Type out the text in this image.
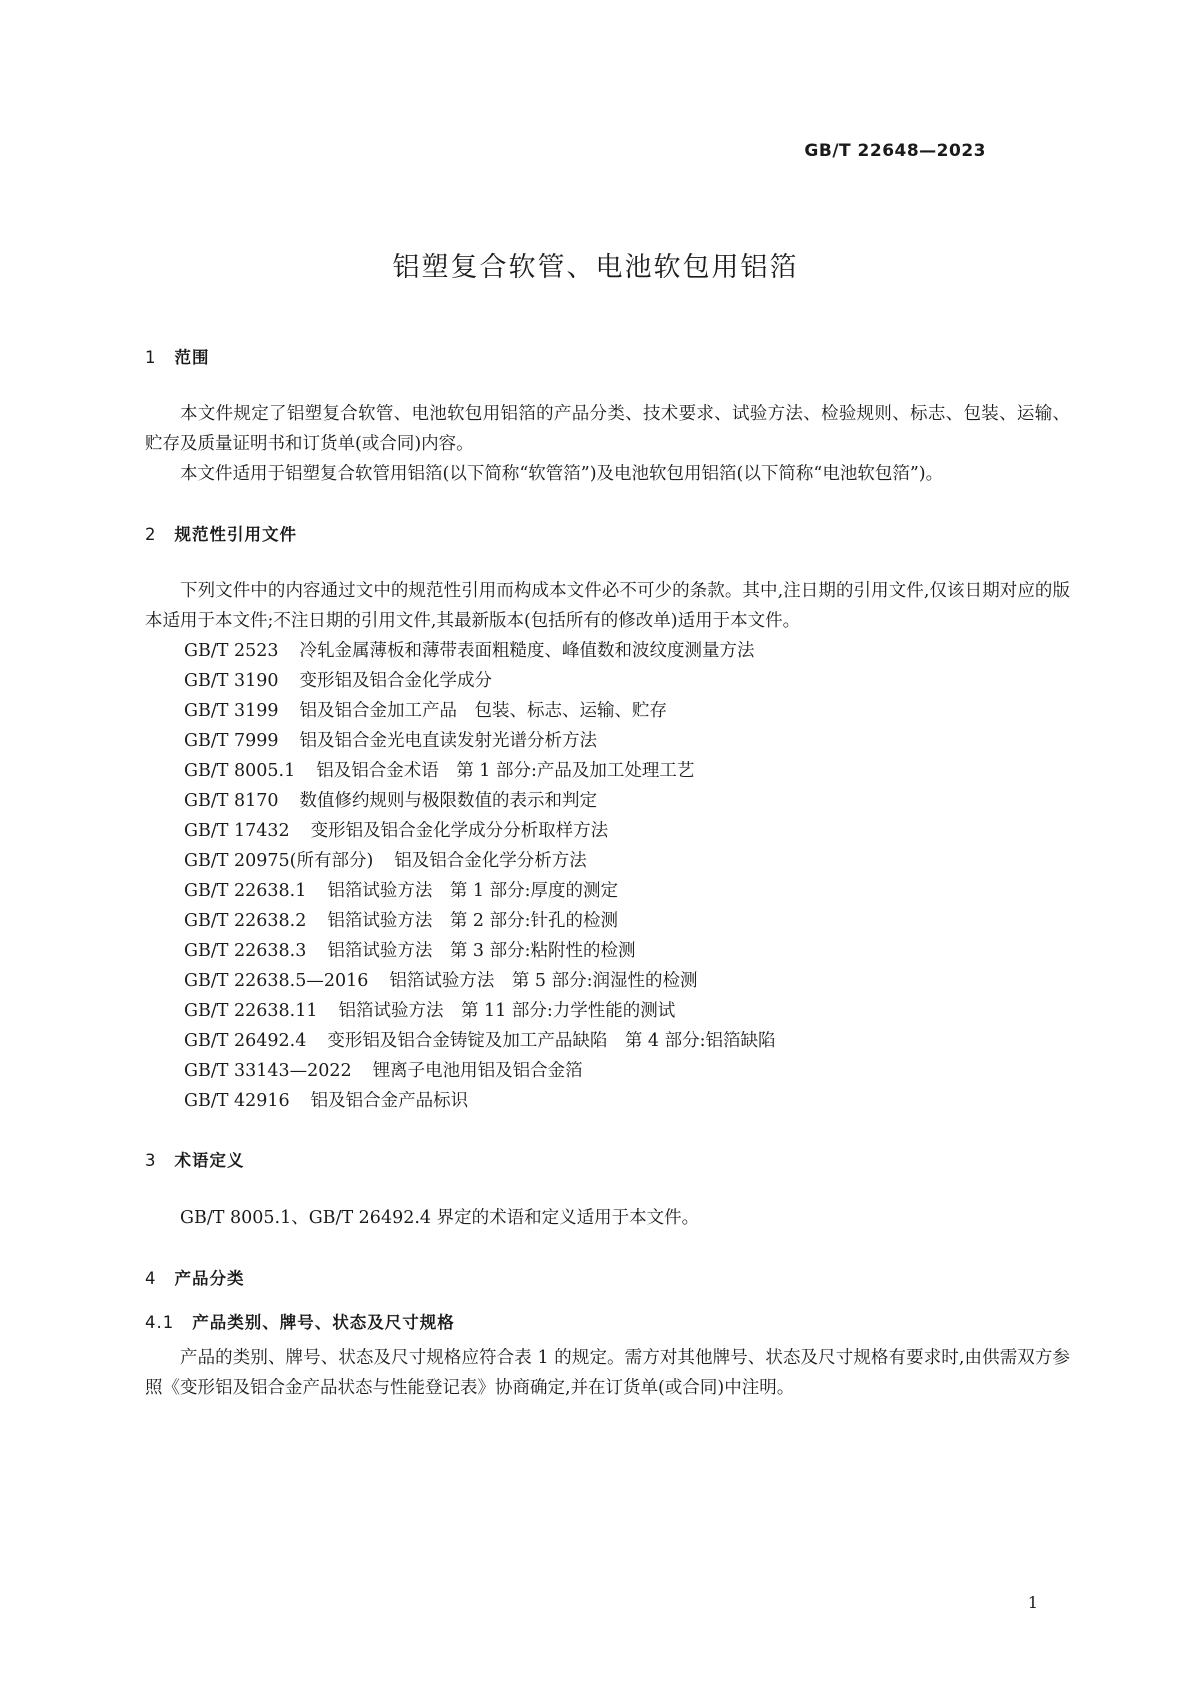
GB/T 22648—2023
铝塑复合软管、电池软包用铝箔
1 范围

本文件规定了铝塑复合软管、电池软包用铝箔的产品分类、技术要求、试验方法、检验规则、标志、包装、运输、贮存及质量证明书和订货单(或合同)内容。

本文件适用于铝塑复合软管用铝箔(以下简称“软管箔”)及电池软包用铝箔(以下简称“电池软包箔”)。

2 规范性引用文件

下列文件中的内容通过文中的规范性引用而构成本文件必不可少的条款。其中,注日期的引用文件,仅该日期对应的版本适用于本文件;不注日期的引用文件,其最新版本(包括所有的修改单)适用于本文件。

GB/T 2523 冷轧金属薄板和薄带表面粗糙度、峰值数和波纹度测量方法
GB/T 3190 变形铝及铝合金化学成分
GB/T 3199 铝及铝合金加工产品　包装、标志、运输、贮存
GB/T 7999 铝及铝合金光电直读发射光谱分析方法
GB/T 8005.1 铝及铝合金术语　第 1 部分:产品及加工处理工艺
GB/T 8170 数值修约规则与极限数值的表示和判定
GB/T 17432 变形铝及铝合金化学成分分析取样方法
GB/T 20975(所有部分) 铝及铝合金化学分析方法
GB/T 22638.1 铝箔试验方法　第 1 部分:厚度的测定
GB/T 22638.2 铝箔试验方法　第 2 部分:针孔的检测
GB/T 22638.3 铝箔试验方法　第 3 部分:粘附性的检测
GB/T 22638.5—2016 铝箔试验方法　第 5 部分:润湿性的检测
GB/T 22638.11 铝箔试验方法　第 11 部分:力学性能的测试
GB/T 26492.4 变形铝及铝合金铸锭及加工产品缺陷　第 4 部分:铝箔缺陷
GB/T 33143—2022 锂离子电池用铝及铝合金箔
GB/T 42916 铝及铝合金产品标识
3 术语定义

GB/T 8005.1、GB/T 26492.4 界定的术语和定义适用于本文件。

4 产品分类
4.1 产品类别、牌号、状态及尺寸规格

产品的类别、牌号、状态及尺寸规格应符合表 1 的规定。需方对其他牌号、状态及尺寸规格有要求时,由供需双方参照《变形铝及铝合金产品状态与性能登记表》协商确定,并在订货单(或合同)中注明。

1
